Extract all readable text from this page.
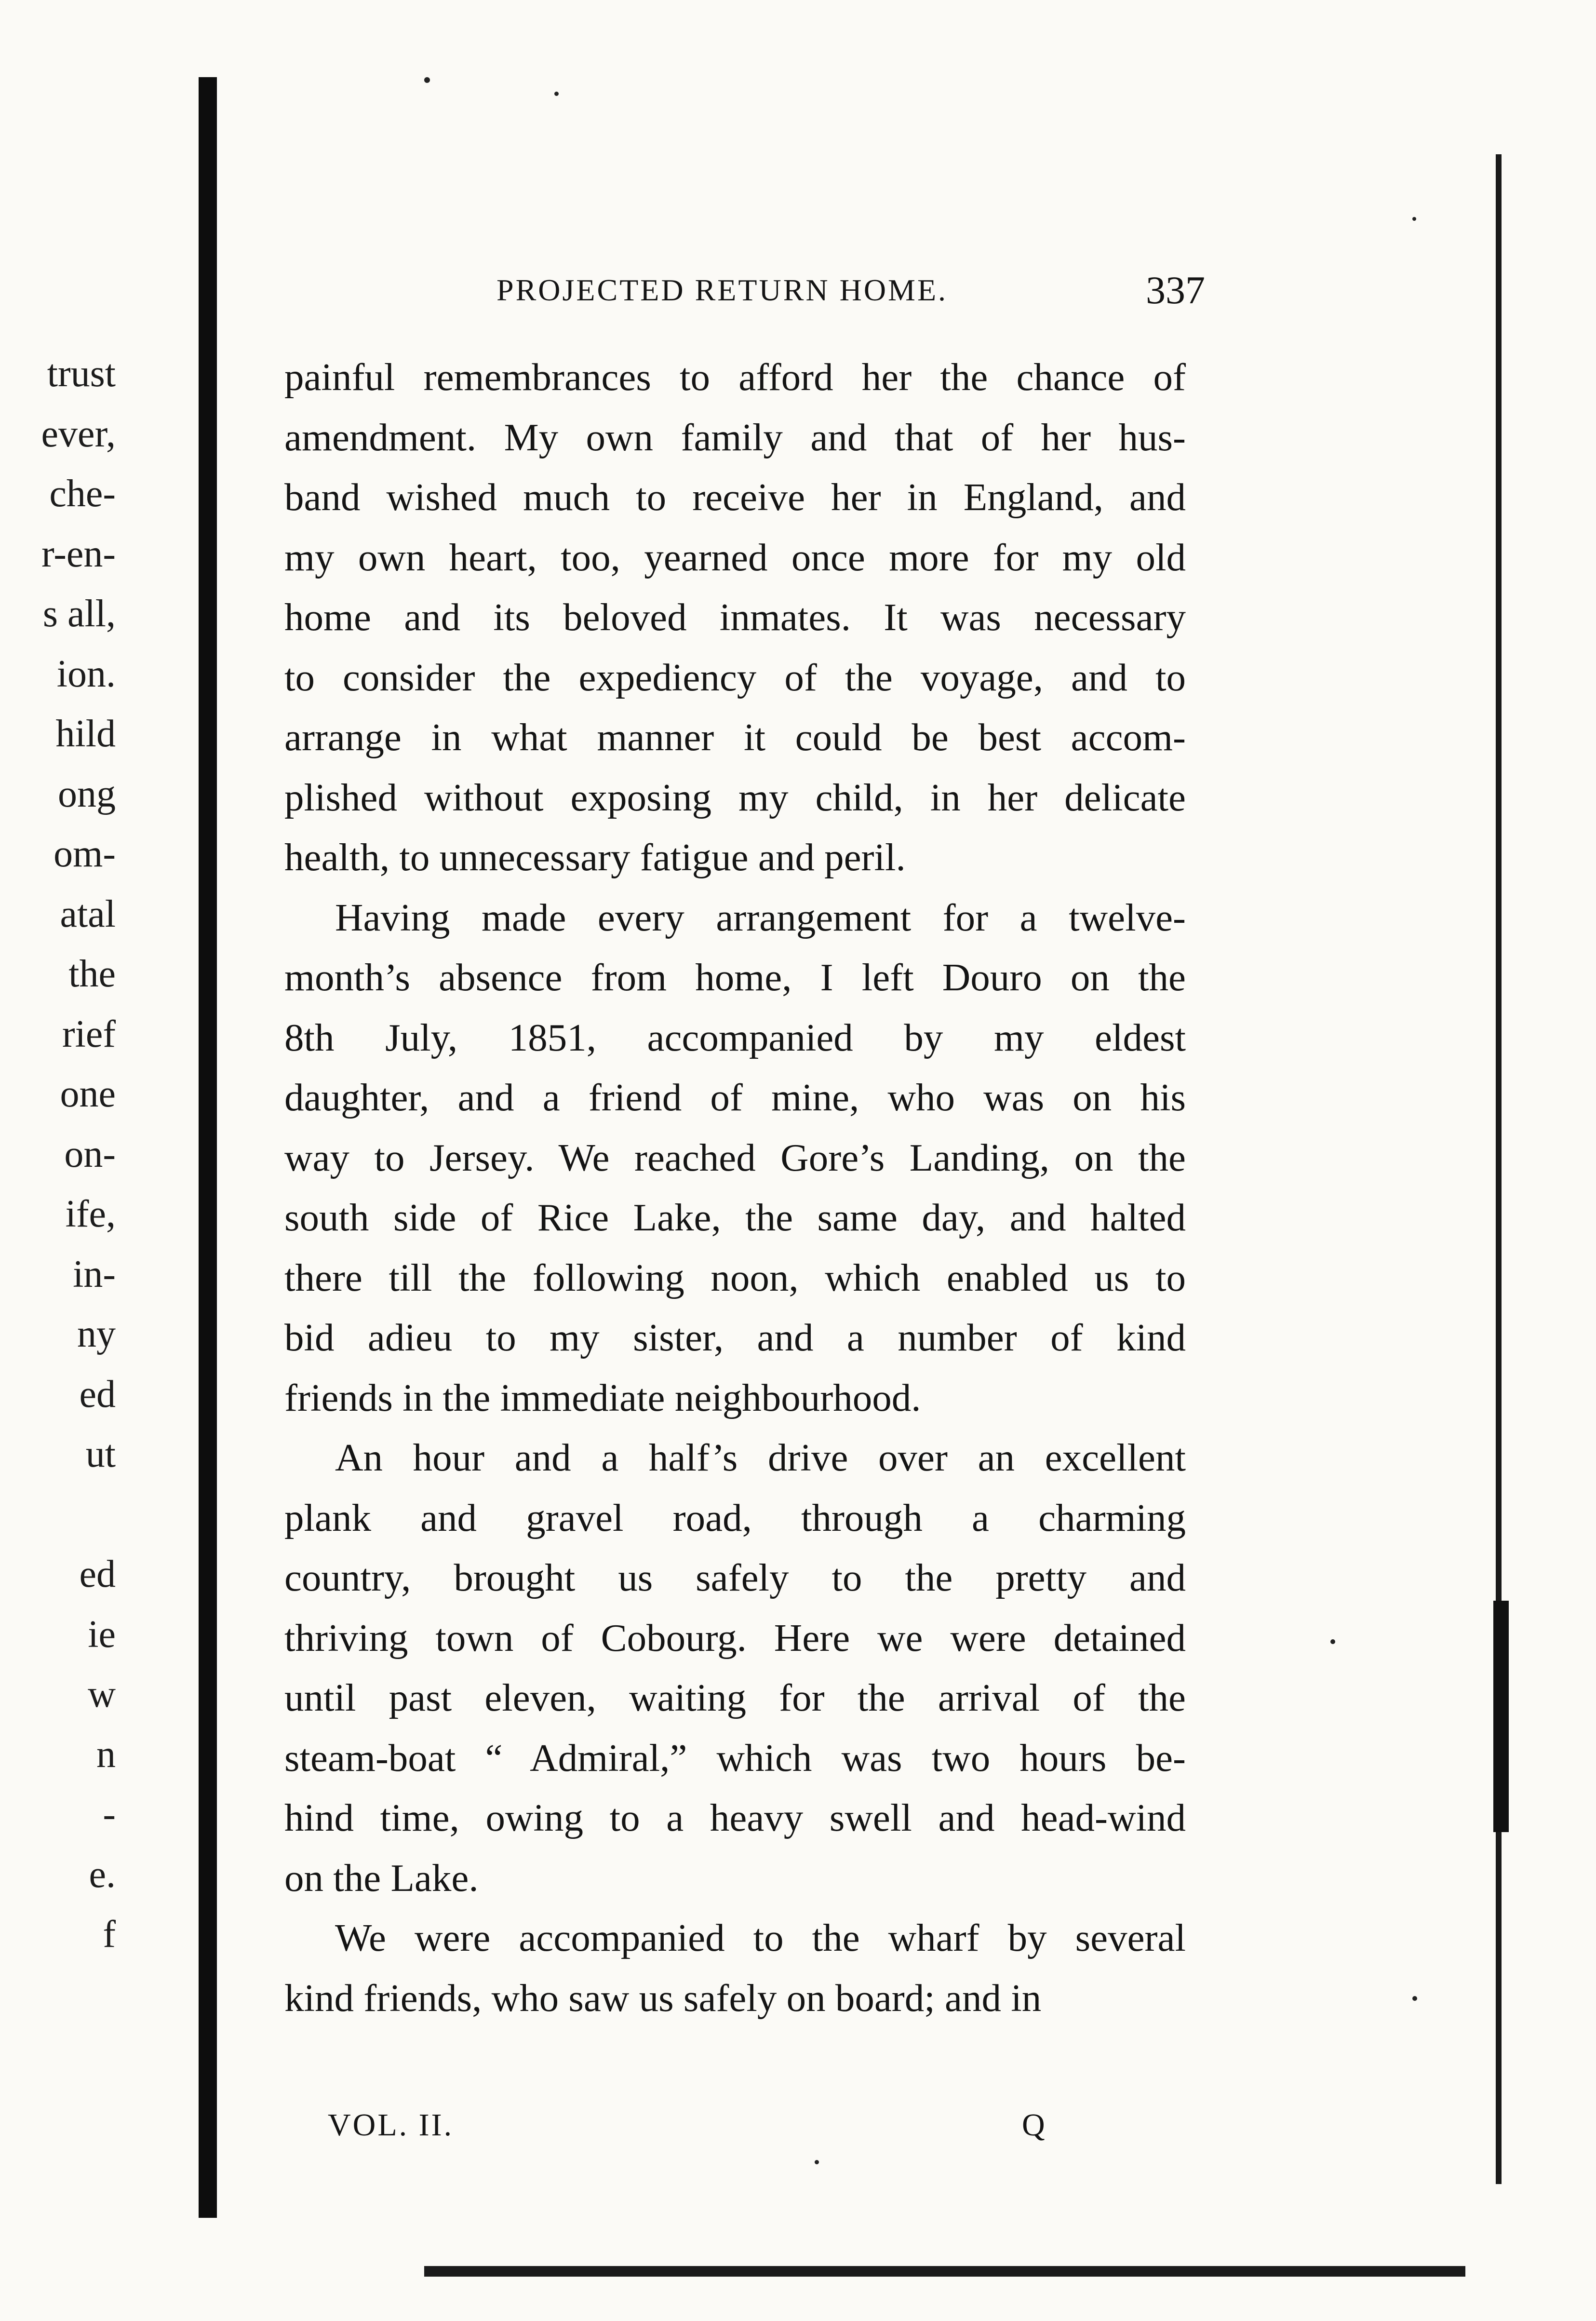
trust
ever,
che-
r-en-
s all,
ion.
hild
ong
om-
atal
the
rief
one
on-
ife,
in-
ny
ed
ut
ed
ie
w
n
-
e.
f
PROJECTED RETURN HOME.	337
painful remembrances to afford her the chance of
amendment. My own family and that of her hus-
band wished much to receive her in England, and
my own heart, too, yearned once more for my old
home and its beloved inmates. It was necessary
to consider the expediency of the voyage, and to
arrange in what manner it could be best accom-
plished without exposing my child, in her delicate
health, to unnecessary fatigue and peril.
Having made every arrangement for a twelve-
month’s absence from home, I left Douro on the
8th July, 1851, accompanied by my eldest
daughter, and a friend of mine, who was on his
way to Jersey. We reached Gore’s Landing, on the
south side of Rice Lake, the same day, and halted
there till the following noon, which enabled us to
bid adieu to my sister, and a number of kind
friends in the immediate neighbourhood.
An hour and a half’s drive over an excellent
plank and gravel road, through a charming
country, brought us safely to the pretty and
thriving town of Cobourg. Here we were detained
until past eleven, waiting for the arrival of the
steam-boat “ Admiral,” which was two hours be-
hind time, owing to a heavy swell and head-wind
on the Lake.
We were accompanied to the wharf by several
kind friends, who saw us safely on board; and in
VOL. II.	Q
